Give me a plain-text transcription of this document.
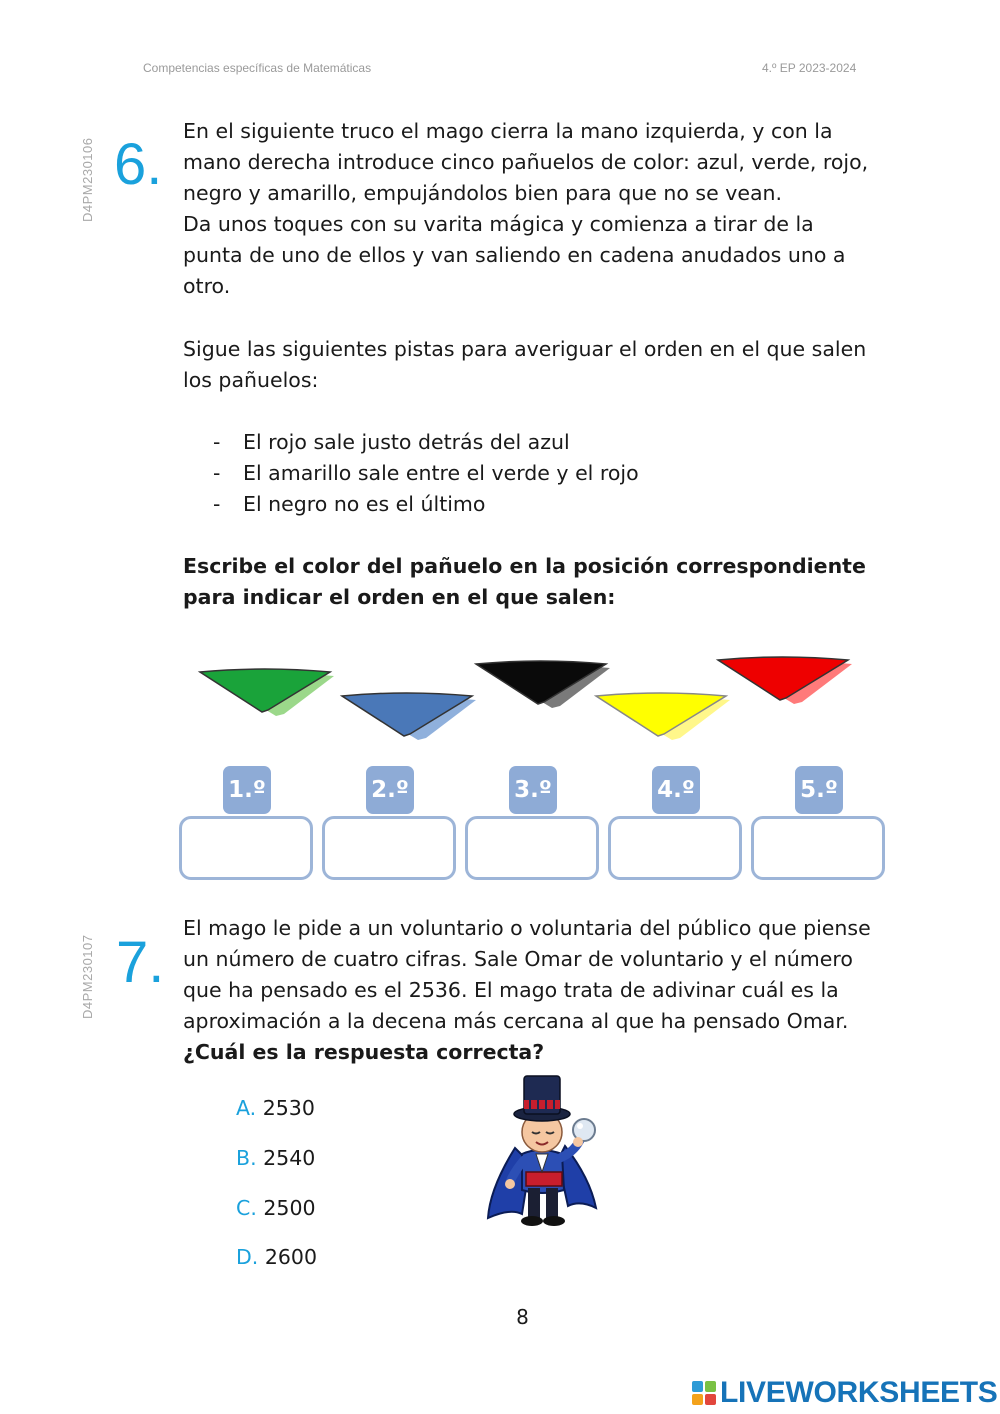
Competencias específicas de Matemáticas	4.º EP 2023-2024
D4PM230106 6.
En el siguiente truco el mago cierra la mano izquierda, y con la
mano derecha introduce cinco pañuelos de color: azul, verde, rojo,
negro y amarillo, empujándolos bien para que no se vean.
Da unos toques con su varita mágica y comienza a tirar de la
punta de uno de ellos y van saliendo en cadena anudados uno a
otro.
Sigue las siguientes pistas para averiguar el orden en el que salen
los pañuelos:
- El rojo sale justo detrás del azul
- El amarillo sale entre el verde y el rojo
- El negro no es el último
Escribe el color del pañuelo en la posición correspondiente
para indicar el orden en el que salen:
1.º	2.º	3.º	4.º	5.º
D4PM230107 7.
El mago le pide a un voluntario o voluntaria del público que piense
un número de cuatro cifras. Sale Omar de voluntario y el número
que ha pensado es el 2536. El mago trata de adivinar cuál es la
aproximación a la decena más cercana al que ha pensado Omar.
¿Cuál es la respuesta correcta?
A. 2530
B. 2540
C. 2500
D. 2600
8
LIVEWORKSHEETS
